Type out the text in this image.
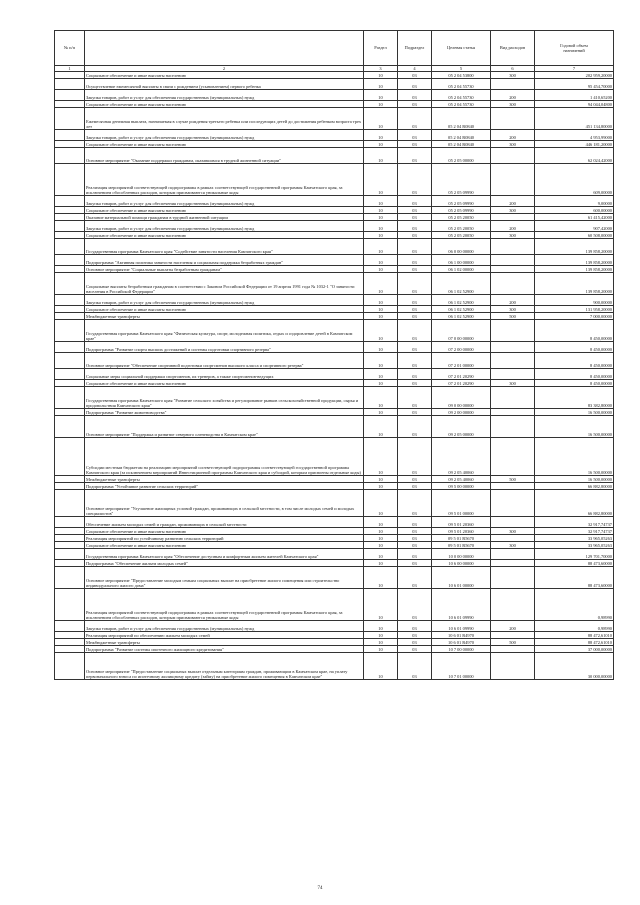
№ п/п		Раздел	Подраздел	Целевая статья	Вид расходов	Годовой объем
назначений
1	2	3	4	5	6	7
	Социальное обеспечение и иные выплаты населению	10	03	05 2 04 53800	300	202 959,20000
	Осуществление ежемесячной выплаты в связи с рождением (усыновлением) первого ребенка	10	03	05 2 04 55730		95 454,70000
	Закупка товаров, работ и услуг для обеспечения государственных (муниципальных) нужд	10	03	05 2 04 55730	200	1 410,65200
	Социальное обеспечение и иные выплаты населению	10	03	05 2 04 55730	300	94 044,04800
	Ежемесячная денежная выплата, назначаемая в случае рождения третьего ребенка или последующих детей до достижения ребенком возраста трех лет	10	03	05 2 04 R0840		451 134,80000
	Закупка товаров, работ и услуг для обеспечения государственных (муниципальных) нужд	10	03	05 2 04 R0840	200	4 953,99000
	Социальное обеспечение и иные выплаты населению	10	03	05 2 04 R0840	300	446 181,20000
	Основное мероприятие "Оказание поддержки гражданам, оказавшимся в трудной жизненной ситуации"	10	03	05 2 05 00000		62 024,42000
	Реализация мероприятий соответствующей подпрограммы в рамках соответствующей государственной программы Камчатского края, за исключением обособленных расходов, которым присваиваются уникальные коды	10	03	05 2 05 09990		609,00000
	Закупка товаров, работ и услуг для обеспечения государственных (муниципальных) нужд	10	03	05 2 05 09990	200	9,00000
	Социальное обеспечение и иные выплаты населению	10	03	05 2 05 09990	300	600,00000
	Оказание материальной помощи гражданам в трудной жизненной ситуации	10	03	05 2 05 20050		61 415,42000
	Закупка товаров, работ и услуг для обеспечения государственных (муниципальных) нужд	10	03	05 2 05 20050	200	907,42000
	Социальное обеспечение и иные выплаты населению	10	03	05 2 05 20050	300	60 508,00000
	Государственная программа Камчатского края "Содействие занятости населения Камчатского края"	10	03	06 0 00 00000		139 858,20000
	Подпрограмма "Активная политика занятости населения и социальная поддержка безработных граждан"	10	03	06 1 00 00000		139 858,20000
	Основное мероприятие "Социальные выплаты безработным гражданам"	10	03	06 1 02 00000		139 858,20000
	Социальные выплаты безработным гражданам в соответствии с Законом Российской Федерации от 19 апреля 1991 года № 1032-1 "О занятости населения в Российской Федерации"	10	03	06 1 02 52900		139 858,20000
	Закупка товаров, работ и услуг для обеспечения государственных (муниципальных) нужд	10	03	06 1 02 52900	200	900,00000
	Социальное обеспечение и иные выплаты населению	10	03	06 1 02 52900	300	131 958,20000
	Межбюджетные трансферты	10	03	06 1 02 52900	500	7 000,00000
	Государственная программа Камчатского края "Физическая культура, спорт, молодежная политика, отдых и оздоровление детей в Камчатском крае"	10	03	07 0 00 00000		8 450,00000
	Подпрограмма "Развитие спорта высших достижений и системы подготовки спортивного резерва"	10	03	07 2 00 00000		8 450,00000
	Основное мероприятие "Обеспечение спортивной подготовки спортсменов высокого класса и спортивного резерва"	10	03	07 2 01 00000		8 450,00000
	Социальные меры социальной поддержки спортсменов, их тренеров, а также спортсменов-ведущих	10	03	07 2 01 20290		8 450,00000
	Социальное обеспечение и иные выплаты населению	10	03	07 2 01 20290	300	8 450,00000
	Государственная программа Камчатского края "Развитие сельского хозяйства и регулирование рынков сельскохозяйственной продукции, сырья и продовольствия Камчатского края"	10	03	09 0 00 00000		83 382,80000
	Подпрограмма "Развитие животноводства"	10	03	09 2 00 00000		16 500,00000
	Основное мероприятие "Поддержка и развитие северного оленеводства в Камчатском крае"	10	03	09 2 05 00000		16 500,00000
	Субсидии местным бюджетам на реализацию мероприятий соответствующей подпрограммы соответствующей государственной программы Камчатского края (за исключением мероприятий Инвестиционной программы Камчатского края и субсидий, которым присвоены отдельные коды)	10	03	09 2 05 40060		16 500,00000
	Межбюджетные трансферты	10	03	09 2 05 40060	500	16 500,00000
	Подпрограмма "Устойчивое развитие сельских территорий"	10	03	09 5 00 00000		66 882,80000
	Основное мероприятие "Улучшение жилищных условий граждан, проживающих в сельской местности, в том числе молодых семей и молодых специалистов"	10	03	09 5 01 00000		66 882,80000
	Обеспечение жильем молодых семей и граждан, проживающих в сельской местности	10	03	09 5 01 20360		32 917,74737
	Социальное обеспечение и иные выплаты населению	10	03	09 5 01 20360	300	32 917,74737
	Реализация мероприятий по устойчивому развитию сельских территорий	10	03	09 5 01 R5670		33 965,05263
	Социальное обеспечение и иные выплаты населению	10	03	09 5 01 R5670	300	33 965,05263
	Государственная программа Камчатского края "Обеспечение доступным и комфортным жильем жителей Камчатского края"	10	03	10 0 00 00000		129 701,70000
	Подпрограмма "Обеспечение жильем молодых семей"	10	03	10 6 00 00000		88 473,60000
	Основное мероприятие "Предоставление молодым семьям социальных выплат на приобретение жилого помещения или строительство индивидуального жилого дома"	10	03	10 6 01 00000		88 473,60000
	Реализация мероприятий соответствующей подпрограммы в рамках соответствующей государственной программы Камчатского края, за исключением обособленных расходов, которым присваиваются уникальные коды	10	03	10 6 01 09990		0,98990
	Закупка товаров, работ и услуг для обеспечения государственных (муниципальных) нужд	10	03	10 6 01 09990	200	0,98990
	Реализация мероприятий по обеспечению жильем молодых семей	10	03	10 6 01 R4970		88 472,61010
	Межбюджетные трансферты	10	03	10 6 01 R4970	500	88 472,61010
	Подпрограмма "Развитие системы ипотечного жилищного кредитования"	10	03	10 7 00 00000		37 000,00000
	Основное мероприятие "Предоставление социальных выплат отдельным категориям граждан, проживающим в Камчатском крае, на уплату первоначального взноса по ипотечному жилищному кредиту (займу) на приобретение жилого помещения в Камчатском крае"	10	03	10 7 01 00000		30 000,00000
74
